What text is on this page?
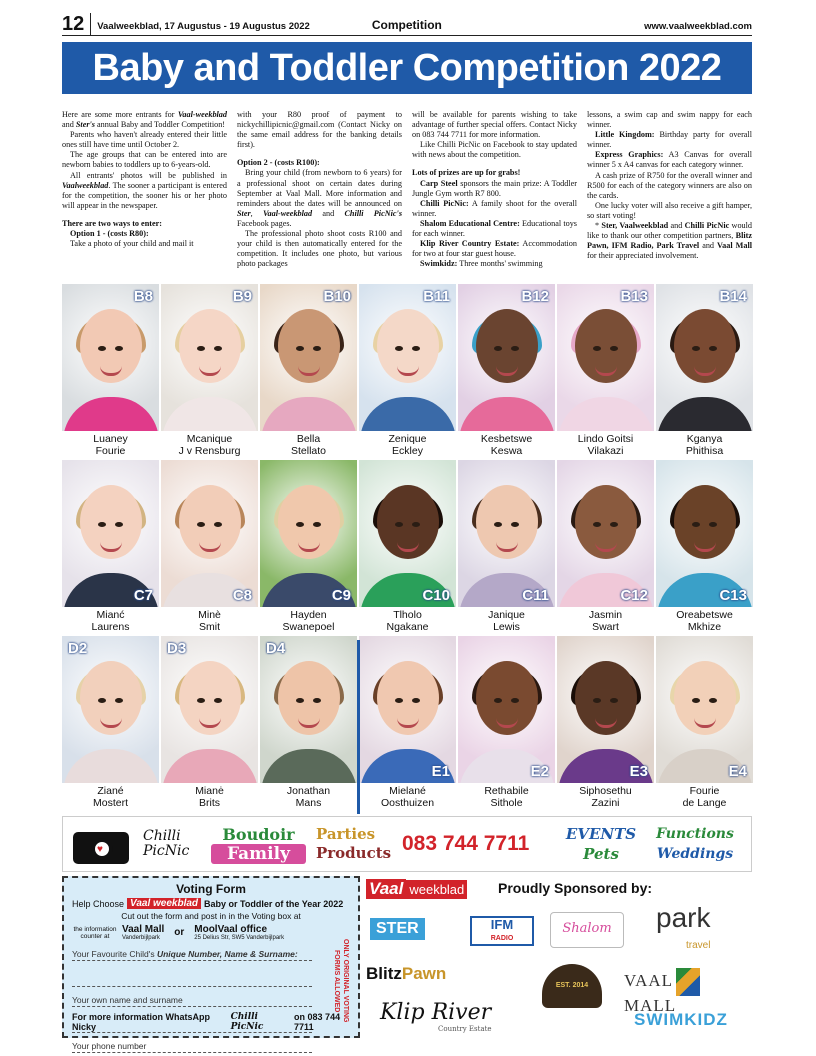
12	Vaalweekblad, 17 Augustus - 19 Augustus 2022	Competition	www.vaalweekblad.com
Baby and Toddler Competition 2022

Here are some more entrants for Vaal-weekblad and Ster's annual Baby and Toddler Competition!

Parents who haven't already entered their little ones still have time until October 2.

The age groups that can be entered into are newborn babies to toddlers up to 6-years-old.

All entrants' photos will be published in Vaalweekblad. The sooner a participant is entered for the competition, the sooner his or her photo will appear in the newspaper.

There are two ways to enter:

Option 1 - (costs R80):

Take a photo of your child and mail it

with your R80 proof of payment to nickychillipicnic@gmail.com (Contact Nicky on the same email address for the banking details first).

Option 2 - (costs R100):

Bring your child (from newborn to 6 years) for a professional shoot on certain dates during September at Vaal Mall. More information and reminders about the dates will be announced on Ster, Vaal-weekblad and Chilli PicNic's Facebook pages.

The professional photo shoot costs R100 and your child is then automatically entered for the competition. It includes one photo, but various photo packages

will be available for parents wishing to take advantage of further special offers. Contact Nicky on 083 744 7711 for more information.

Like Chilli PicNic on Facebook to stay updated with news about the competition.

Lots of prizes are up for grabs!

Carp Steel sponsors the main prize: A Toddler Jungle Gym worth R7 800.

Chilli PicNic: A family shoot for the overall winner.

Shalom Educational Centre: Educational toys for each winner.

Klip River Country Estate: Accommodation for two at four star guest house.

Swimkidz: Three months' swimming

lessons, a swim cap and swim nappy for each winner.

Little Kingdom: Birthday party for overall winner.

Express Graphics: A3 Canvas for overall winner 5 x A4 canvas for each category winner.

A cash prize of R750 for the overall winner and R500 for each of the category winners are also on the cards.

One lucky voter will also receive a gift hamper, so start voting!

* Ster, Vaalweekblad and Chilli PicNic would like to thank our other competition partners, Blitz Pawn, IFM Radio, Park Travel and Vaal Mall for their appreciated involvement.

B8
Luaney
Fourie
B9
Mcanique
J v Rensburg
B10
Bella
Stellato
B11
Zenique
Eckley
B12
Kesbetswe
Keswa
B13
Lindo Goitsi
Vilakazi
B14
Kganya
Phithisa
C7
Mianć
Laurens
C8
Minè
Smit
C9
Hayden
Swanepoel
C10
Tlholo
Ngakane
C11
Janique
Lewis
C12
Jasmin
Swart
C13
Oreabetswe
Mkhize
D2
Ziané
Mostert
D3
Mianė
Brits
D4
Jonathan
Mans
E1
Mielané
Oosthuizen
E2
Rethabile
Sithole
E3
Siphosethu
Zazini
E4
Fourie
de Lange
♥
Chilli PicNic
Boudoir
Family
Parties
Products 083 744 7711	EVENTS
Pets
Functions
Weddings
Voting Form
Help Choose Vaal weekblad Baby or Toddler of the Year 2022
Cut out the form and post in in the Voting box at
the information counter at
Vaal Mall
Vanderbijlpark	or MoolVaal office
25 Delius Str, SW5 Vanderbijlpark
Your Favourite Child's Unique Number, Name & Surname:

Your own name and surname

Your phone number
ONLY ORIGINAL VOTING FORMS ALLOWED
For more information WhatsApp Nicky
Chilli PicNic
on 083 744 7711
Vaal weekblad Proudly Sponsored by:
STER	IFM
RADIO
Shalom	park
travel
BlitzPawn
EST. 2014	VAALMALL
Klip River
Country Estate	SWIMKIDZ
